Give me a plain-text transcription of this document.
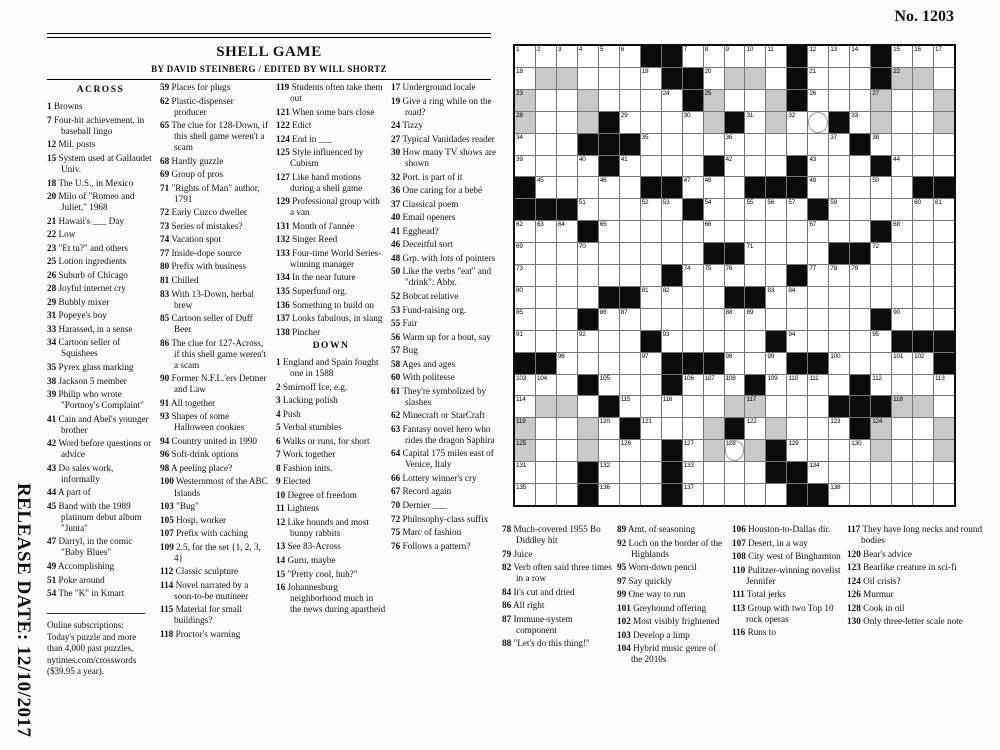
RELEASE DATE: 12/10/2017
No. 1203
SHELL GAME
BY DAVID STEINBERG / EDITED BY WILL SHORTZ
ACROSS
1 Browns
7 Four-hit achievement, in baseball lingo
12 Mil. posts
15 System used at Gallaudet Univ.
18 The U.S., in Mexico
20 Milo of "Romeo and Juliet," 1968
21 Hawaii's ___ Day
22 Low
23 "Et tu?" and others
25 Lotion ingredients
26 Suburb of Chicago
28 Joyful internet cry
29 Bubbly mixer
31 Popeye's boy
33 Harassed, in a sense
34 Cartoon seller of Squishees
35 Pyrex glass marking
38 Jackson 5 member
39 Philip who wrote "Portnoy's Complaint"
41 Cain and Abel's younger brother
42 Word before questions or advice
43 Do sales work, informally
44 A part of
45 Band with the 1989 platinum debut album "Junta"
47 Darryl, in the comic "Baby Blues"
49 Accomplishing
51 Poke around
54 The "K" in Kmart
Online subscriptions: Today's puzzle and more than 4,000 past puzzles, nytimes.com/crosswords ($39.95 a year).
59 Places for plugs
62 Plastic-dispenser producer
65 The clue for 128-Down, if this shell game weren't a scam
68 Hardly guzzle
69 Group of pros
71 "Rights of Man" author, 1791
72 Early Cuzco dweller
73 Series of mistakes?
74 Vacation spot
77 Inside-dope source
80 Prefix with business
81 Chilled
83 With 13-Down, herbal brew
85 Cartoon seller of Duff Beer
86 The clue for 127-Across, if this shell game weren't a scam
90 Former N.F.L.'ers Detmer and Law
91 All together
93 Shapes of some Halloween cookies
94 Country united in 1990
96 Soft-drink options
98 A peeling place?
100 Westernmost of the ABC Islands
103 "Bug"
105 Hosp. worker
107 Prefix with caching
109 2.5, for the set {1, 2, 3, 4}
112 Classic sculpture
114 Novel narrated by a soon-to-be mutineer
115 Material for small buildings?
118 Proctor's warning
119 Students often take them out
121 When some bars close
122 Edict
124 End in ___
125 Style influenced by Cubism
127 Like hand motions during a shell game
129 Professional group with a van
131 Month of l'année
132 Singer Reed
133 Four-time World Series-winning manager
134 In the near future
135 Superfund org.
136 Something to build on
137 Looks fabulous, in slang
138 Pincher
DOWN
1 England and Spain fought one in 1588
2 Smirnoff Ice, e.g.
3 Lacking polish
4 Push
5 Verbal stumbles
6 Walks or runs, for short
7 Work together
8 Fashion inits.
9 Elected
10 Degree of freedom
11 Lightens
12 Like hounds and most bunny rabbits
13 See 83-Across
14 Guru, maybe
15 "Pretty cool, huh?"
16 Johannesburg neighborhood much in the news during apartheid
17 Underground locale
19 Give a ring while on the road?
24 Tizzy
27 Typical Vanidades reader
30 How many TV shows are shown
32 Port. is part of it
36 One caring for a bebé
37 Classical poem
40 Email openers
41 Egghead?
46 Deceitful sort
48 Grp. with lots of pointers
50 Like the verbs "eat" and "drink": Abbr.
52 Bobcat relative
53 Fund-raising org.
55 Fair
56 Warm up for a bout, say
57 Bug
58 Ages and ages
60 With politesse
61 They're symbolized by slashes
62 Minecraft or StarCraft
63 Fantasy novel hero who rides the dragon Saphira
64 Capital 175 miles east of Venice, Italy
66 Lottery winner's cry
67 Record again
70 Dernier ___
72 Philosophy-class suffix
75 Marc of fashion
76 Follows a pattern?
78 Much-covered 1955 Bo Diddley hit
79 Juice
82 Verb often said three times in a row
84 It's cut and dried
86 All right
87 Immune-system component
88 "Let's do this thing!"
89 Amt. of seasoning
92 Loch on the border of the Highlands
95 Worn-down pencil
97 Say quickly
99 One way to run
101 Greyhound offering
102 Most visibly frightened
103 Develop a limp
104 Hybrid music genre of the 2010s
106 Houston-to-Dallas dir.
107 Desert, in a way
108 City west of Binghamton
110 Pulitzer-winning novelist Jennifer
111 Total jerks
113 Group with two Top 10 rock operas
116 Runs to
117 They have long necks and round bodies
120 Bear's advice
123 Bearlike creature in sci-fi
124 Oil crisis?
126 Murmur
128 Cook in oil
130 Only three-letter scale note
1	2	3	4	5	6	7	8	9	10 11	12 13 14	15 16 17
18	19	20	21	22
23	24	25	26	27
28	29	30	31	32	33
34	35	36	37	38
39	40	41	42	43	44
45	46	47 48	49	50
51	52 53	54	55 56 57	59	60 61
62 63 64	65	66	67	68
69	70	71	72
73	74 75 76	77 78 79
80	81 82	83 84
85	86 87	88 89	90
91	92	93	94	95
96	97	98	99	100	101 102
103 104	105	106 107 108	109 110 111	112	113
114	115	116	117	118
119	120	121	122	123	124
125	126	127	128	129	130
131	132	133	134
135	136	137	138
